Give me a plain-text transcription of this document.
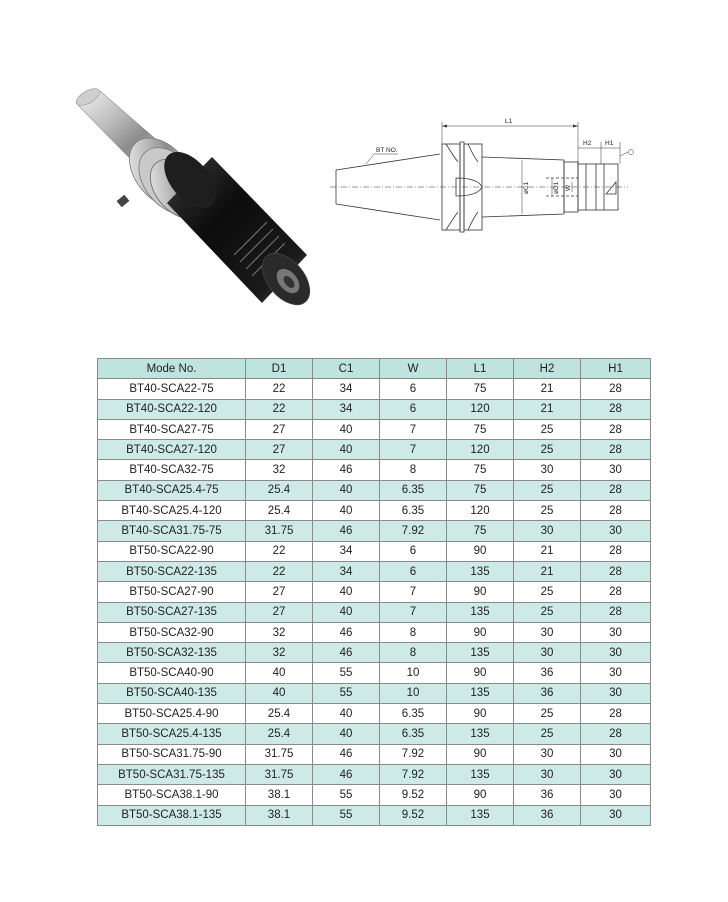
BT NO.
L1
H2 H1
øC1	øD1 W
Mode No.	D1	C1	W	L1	H2	H1
BT40-SCA22-75	22	34	6	75	21	28
BT40-SCA22-120	22	34	6	120	21	28
BT40-SCA27-75	27	40	7	75	25	28
BT40-SCA27-120	27	40	7	120	25	28
BT40-SCA32-75	32	46	8	75	30	30
BT40-SCA25.4-75	25.4	40	6.35	75	25	28
BT40-SCA25.4-120	25.4	40	6.35	120	25	28
BT40-SCA31.75-75	31.75	46	7.92	75	30	30
BT50-SCA22-90	22	34	6	90	21	28
BT50-SCA22-135	22	34	6	135	21	28
BT50-SCA27-90	27	40	7	90	25	28
BT50-SCA27-135	27	40	7	135	25	28
BT50-SCA32-90	32	46	8	90	30	30
BT50-SCA32-135	32	46	8	135	30	30
BT50-SCA40-90	40	55	10	90	36	30
BT50-SCA40-135	40	55	10	135	36	30
BT50-SCA25.4-90	25.4	40	6.35	90	25	28
BT50-SCA25.4-135	25.4	40	6.35	135	25	28
BT50-SCA31.75-90	31.75	46	7.92	90	30	30
BT50-SCA31.75-135	31.75	46	7.92	135	30	30
BT50-SCA38.1-90	38.1	55	9.52	90	36	30
BT50-SCA38.1-135	38.1	55	9.52	135	36	30
